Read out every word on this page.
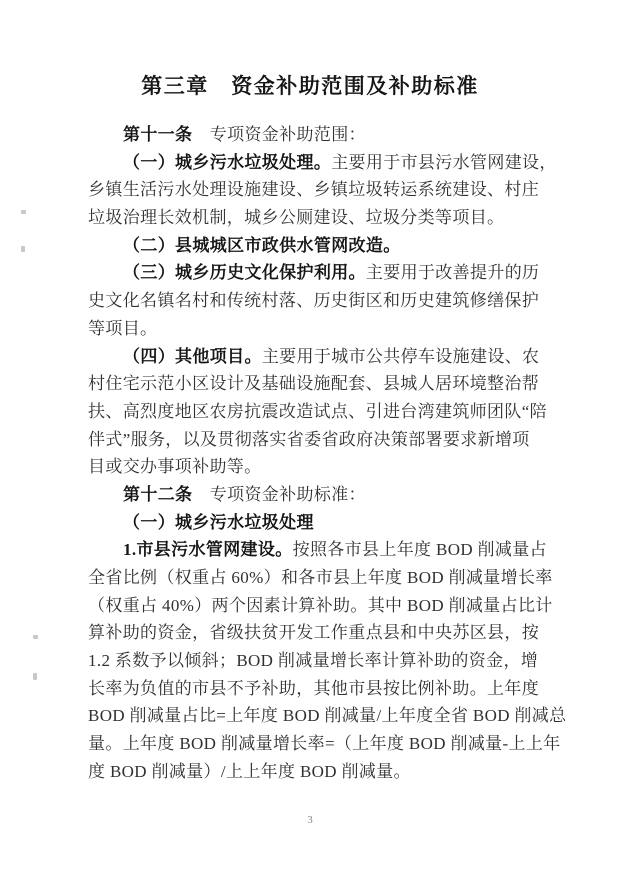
第三章　资金补助范围及补助标准
第十一条　专项资金补助范围：
（一）城乡污水垃圾处理。主要用于市县污水管网建设，
乡镇生活污水处理设施建设、乡镇垃圾转运系统建设、村庄
垃圾治理长效机制，城乡公厕建设、垃圾分类等项目。
（二）县城城区市政供水管网改造。
（三）城乡历史文化保护利用。主要用于改善提升的历
史文化名镇名村和传统村落、历史街区和历史建筑修缮保护
等项目。
（四）其他项目。主要用于城市公共停车设施建设、农
村住宅示范小区设计及基础设施配套、县城人居环境整治帮
扶、高烈度地区农房抗震改造试点、引进台湾建筑师团队“陪
伴式”服务，以及贯彻落实省委省政府决策部署要求新增项
目或交办事项补助等。
第十二条　专项资金补助标准：
（一）城乡污水垃圾处理
1.市县污水管网建设。按照各市县上年度 BOD 削减量占
全省比例（权重占 60%）和各市县上年度 BOD 削减量增长率
（权重占 40%）两个因素计算补助。其中 BOD 削减量占比计
算补助的资金，省级扶贫开发工作重点县和中央苏区县，按
1.2 系数予以倾斜；BOD 削减量增长率计算补助的资金，增
长率为负值的市县不予补助，其他市县按比例补助。上年度
BOD 削减量占比=上年度 BOD 削减量/上年度全省 BOD 削减总
量。上年度 BOD 削减量增长率=（上年度 BOD 削减量-上上年
度 BOD 削减量）/上上年度 BOD 削减量。
3
